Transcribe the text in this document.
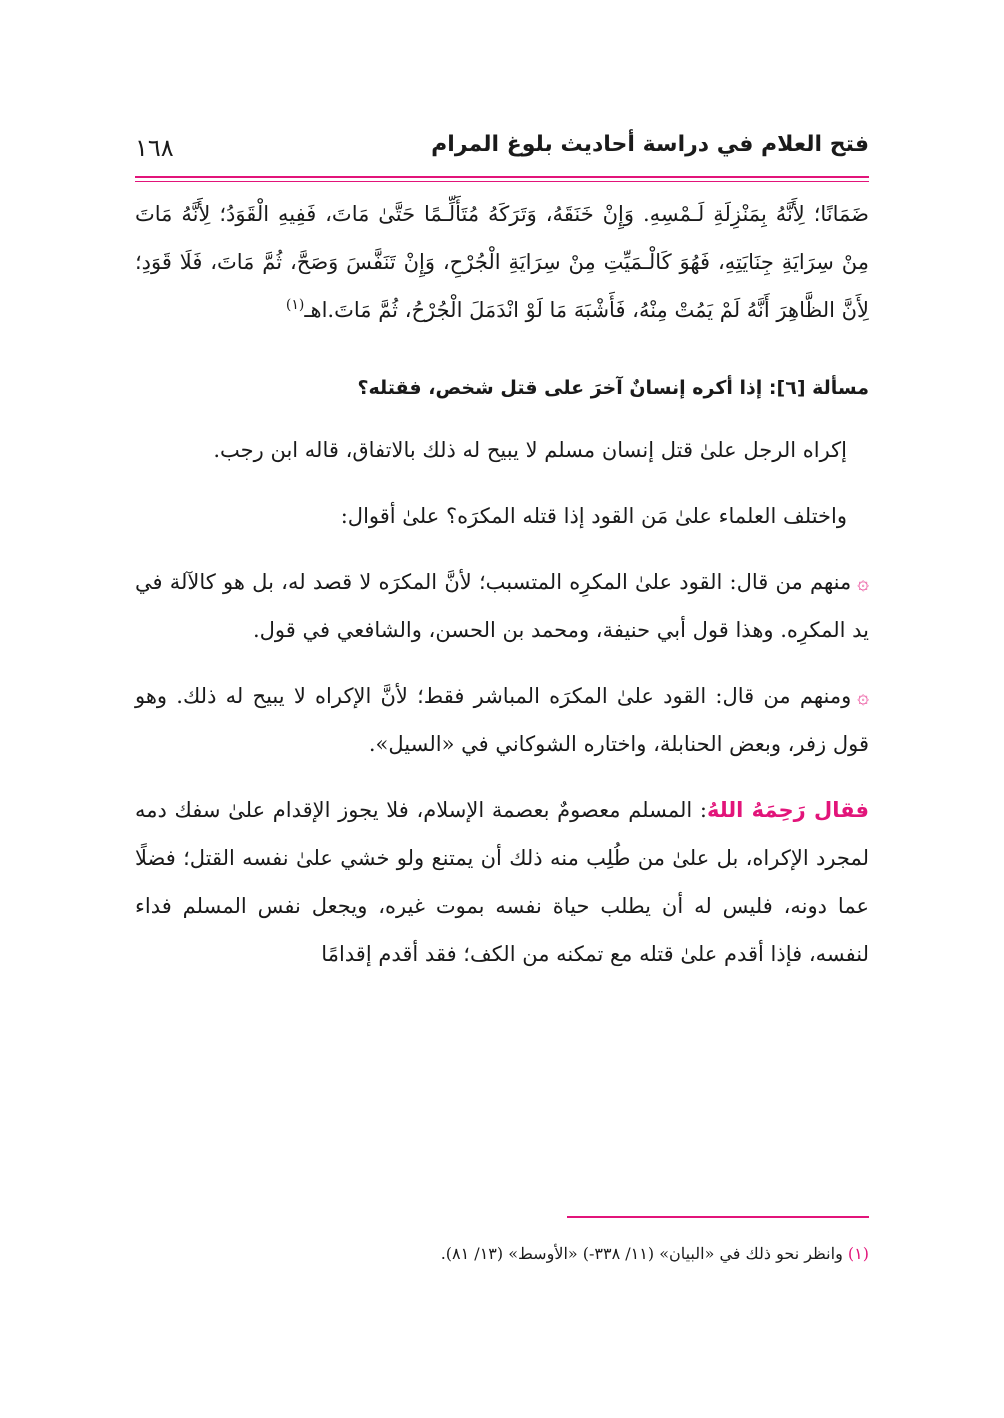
فتح العلام في دراسة أحاديث بلوغ المرام
١٦٨

ضَمَانًا؛ لِأَنَّهُ بِمَنْزِلَةِ لَـمْسِهِ. وَإِنْ خَنَقَهُ، وَتَرَكَهُ مُتَأَلِّـمًا حَتَّىٰ مَاتَ، فَفِيهِ الْقَوَدُ؛ لِأَنَّهُ مَاتَ مِنْ سِرَايَةِ جِنَايَتِهِ، فَهُوَ كَالْـمَيِّتِ مِنْ سِرَايَةِ الْجُرْحِ، وَإِنْ تَنَفَّسَ وَصَحَّ، ثُمَّ مَاتَ، فَلَا قَوَدِ؛ لِأَنَّ الظَّاهِرَ أَنَّهُ لَمْ يَمُتْ مِنْهُ، فَأَشْبَهَ مَا لَوْ انْدَمَلَ الْجُرْحُ، ثُمَّ مَاتَ.اهـ$^{(١)}$

مسألة [٦]: إذا أكره إنسانٌ آخرَ على قتل شخص، فقتله؟

إكراه الرجل علىٰ قتل إنسان مسلم لا يبيح له ذلك بالاتفاق، قاله ابن رجب.

واختلف العلماء علىٰ مَن القود إذا قتله المكرَه؟ علىٰ أقوال:

۞منهم من قال: القود علىٰ المكرِه المتسبب؛ لأنَّ المكرَه لا قصد له، بل هو كالآلة في يد المكرِه. وهذا قول أبي حنيفة، ومحمد بن الحسن، والشافعي في قول.

۞ومنهم من قال: القود علىٰ المكرَه المباشر فقط؛ لأنَّ الإكراه لا يبيح له ذلك. وهو قول زفر، وبعض الحنابلة، واختاره الشوكاني في «السيل».

فقال رَحِمَهُ اللهُ: المسلم معصومٌ بعصمة الإسلام، فلا يجوز الإقدام علىٰ سفك دمه لمجرد الإكراه، بل علىٰ من طُلِب منه ذلك أن يمتنع ولو خشي علىٰ نفسه القتل؛ فضلًا عما دونه، فليس له أن يطلب حياة نفسه بموت غيره، ويجعل نفس المسلم فداء لنفسه، فإذا أقدم علىٰ قتله مع تمكنه من الكف؛ فقد أقدم إقدامًا

(١) وانظر نحو ذلك في «البيان» (١١/ ٣٣٨-) «الأوسط» (١٣/ ٨١).
